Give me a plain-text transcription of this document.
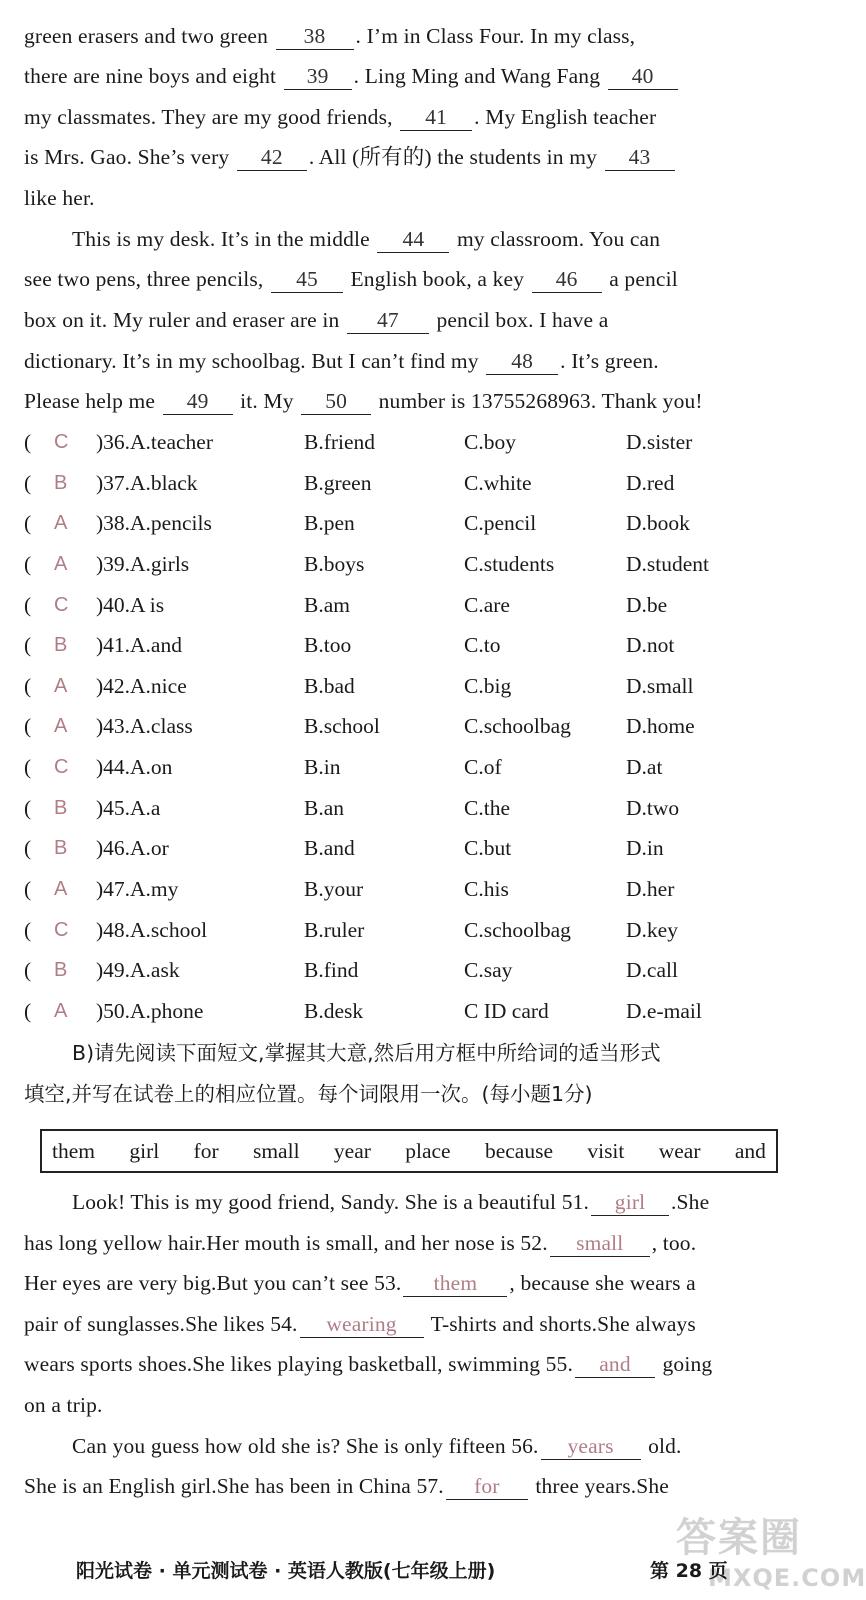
green erasers and two green 38 . I’m in Class Four. In my class,
there are nine boys and eight 39 . Ling Ming and Wang Fang 40
my classmates. They are my good friends, 41 . My English teacher
is Mrs. Gao. She’s very 42 . All (所有的) the students in my 43
like her.
This is my desk. It’s in the middle 44 my classroom. You can
see two pens, three pencils, 45 English book, a key 46 a pencil
box on it. My ruler and eraser are in 47 pencil box. I have a
dictionary. It’s in my schoolbag. But I can’t find my 48 . It’s green.
Please help me 49 it. My 50 number is 13755268963. Thank you!
( C )36.A.teacher	B.friend	C.boy	D.sister
( B )37.A.black	B.green	C.white	D.red
( A )38.A.pencils	B.pen	C.pencil	D.book
( A )39.A.girls	B.boys	C.students	D.student
( C )40.A is	B.am	C.are	D.be
( B )41.A.and	B.too	C.to	D.not
( A )42.A.nice	B.bad	C.big	D.small
( A )43.A.class	B.school	C.schoolbag	D.home
( C )44.A.on	B.in	C.of	D.at
( B )45.A.a	B.an	C.the	D.two
( B )46.A.or	B.and	C.but	D.in
( A )47.A.my	B.your	C.his	D.her
( C )48.A.school	B.ruler	C.schoolbag	D.key
( B )49.A.ask	B.find	C.say	D.call
( A )50.A.phone	B.desk	C ID card	D.e-mail
B)请先阅读下面短文,掌握其大意,然后用方框中所给词的适当形式
填空,并写在试卷上的相应位置。每个词限用一次。(每小题1分)
them girl for small year place because visit wear and
Look! This is my good friend, Sandy. She is a beautiful 51. girl .She
has long yellow hair.Her mouth is small, and her nose is 52. small , too.
Her eyes are very big.But you can’t see 53. them , because she wears a
pair of sunglasses.She likes 54. wearing T-shirts and shorts.She always
wears sports shoes.She likes playing basketball, swimming 55. and going
on a trip.
Can you guess how old she is? She is only fifteen 56. years old.
She is an English girl.She has been in China 57. for three years.She
答案圈
MXQE.COM
阳光试卷 · 单元测试卷 · 英语人教版(七年级上册)	第 28 页
